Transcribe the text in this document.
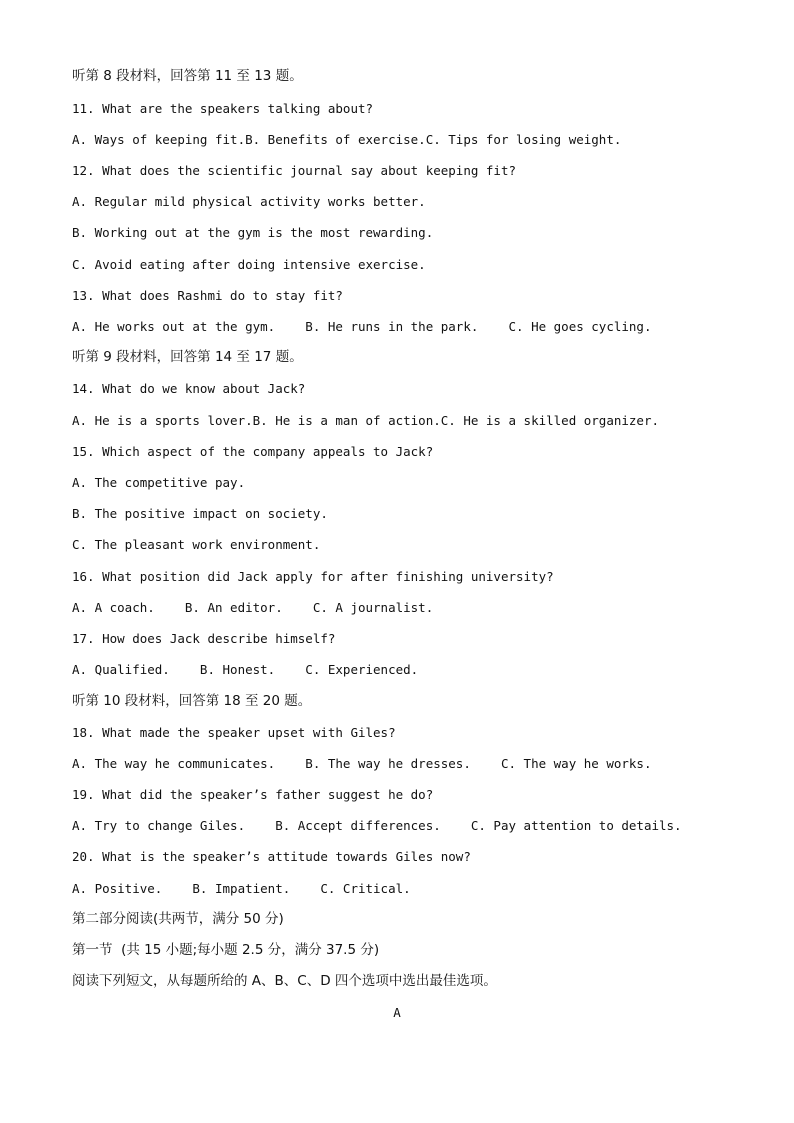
听第 8 段材料，回答第 11 至 13 题。
11. What are the speakers talking about?
A. Ways of keeping fit.B. Benefits of exercise.C. Tips for losing weight.
12. What does the scientific journal say about keeping fit?
A. Regular mild physical activity works better.
B. Working out at the gym is the most rewarding.
C. Avoid eating after doing intensive exercise.
13. What does Rashmi do to stay fit?
A. He works out at the gym.    B. He runs in the park.    C. He goes cycling.
听第 9 段材料，回答第 14 至 17 题。
14. What do we know about Jack?
A. He is a sports lover.B. He is a man of action.C. He is a skilled organizer.
15. Which aspect of the company appeals to Jack?
A. The competitive pay.
B. The positive impact on society.
C. The pleasant work environment.
16. What position did Jack apply for after finishing university?
A. A coach.    B. An editor.    C. A journalist.
17. How does Jack describe himself?
A. Qualified.    B. Honest.    C. Experienced.
听第 10 段材料，回答第 18 至 20 题。
18. What made the speaker upset with Giles?
A. The way he communicates.    B. The way he dresses.    C. The way he works.
19. What did the speaker’s father suggest he do?
A. Try to change Giles.    B. Accept differences.    C. Pay attention to details.
20. What is the speaker’s attitude towards Giles now?
A. Positive.    B. Impatient.    C. Critical.
第二部分阅读(共两节，满分 50 分)
第一节  (共 15 小题;每小题 2.5 分，满分 37.5 分)
阅读下列短文，从每题所给的 A、B、C、D 四个选项中选出最佳选项。
A
